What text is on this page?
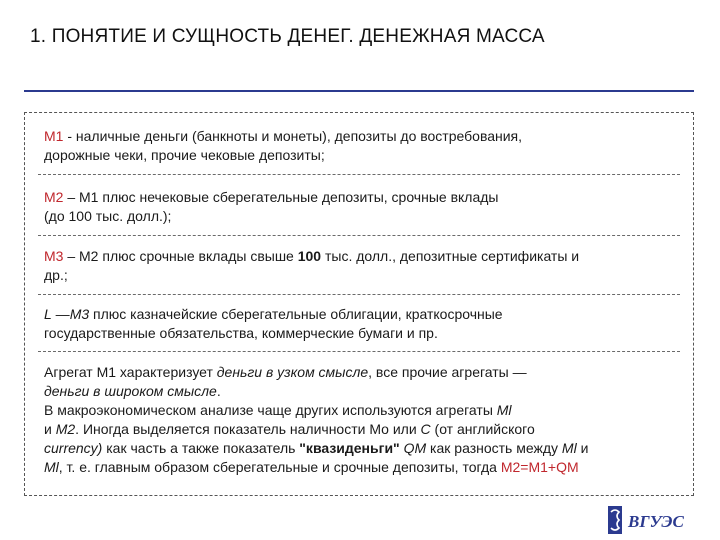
1. ПОНЯТИЕ И СУЩНОСТЬ ДЕНЕГ. ДЕНЕЖНАЯ МАССА
М1 - наличные деньги (банкноты и монеты), депозиты до востребования,
дорожные чеки, прочие чековые депозиты;
М2 – М1 плюс нечековые сберегательные депозиты, срочные вклады
(до 100 тыс. долл.);
М3 – М2 плюс срочные вклады свыше 100 тыс. долл., депозитные сертификаты и
др.;
L —М3 плюс казначейские сберегательные облигации, краткосрочные
государственные обязательства, коммерческие бумаги и пр.
Агрегат М1 характеризует деньги в узком смысле, все прочие агрегаты —
деньги в широком смысле.
В макроэкономическом анализе чаще других используются агрегаты Ml
и М2. Иногда выделяется показатель наличности Мо или С (от английского
currency) как часть а также показатель "квазиденьги" QM как разность между Ml и
Ml, т. е. главным образом сберегательные и срочные депозиты, тогда М2=М1+QM
ВГУЭС
